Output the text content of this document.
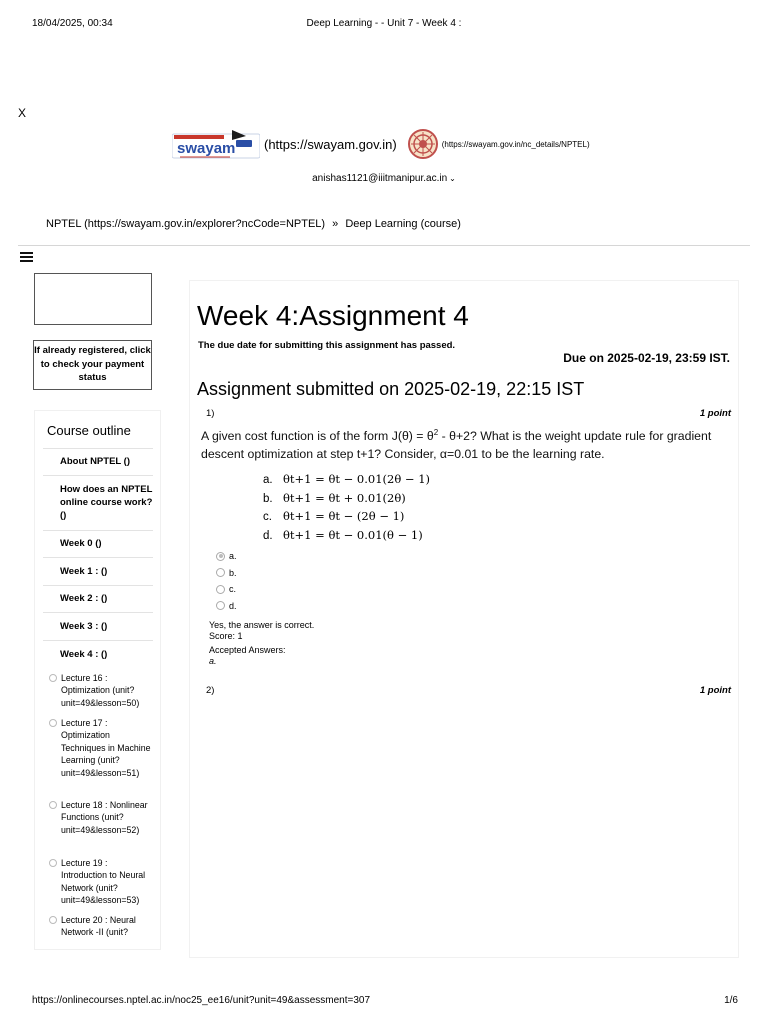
18/04/2025, 00:34	Deep Learning - - Unit 7 - Week 4 :
X
swayam (https://swayam.gov.in)	(https://swayam.gov.in/nc_details/NPTEL)
anishas1121@iiitmanipur.ac.in ⌄
NPTEL (https://swayam.gov.in/explorer?ncCode=NPTEL) » Deep Learning (course)
If already registered, click to check your payment status
Course outline
About NPTEL ()
How does an NPTEL online course work? ()
Week 0 ()
Week 1 : ()
Week 2 : ()
Week 3 : ()
Week 4 : ()
Lecture 16 : Optimization (unit?unit=49&lesson=50)
Lecture 17 : Optimization Techniques in Machine Learning (unit?unit=49&lesson=51)
Lecture 18 : Nonlinear Functions (unit?unit=49&lesson=52)
Lecture 19 : Introduction to Neural Network (unit?unit=49&lesson=53)
Lecture 20 : Neural Network -II (unit?
Week 4:Assignment 4
The due date for submitting this assignment has passed.
Due on 2025-02-19, 23:59 IST.
Assignment submitted on 2025-02-19, 22:15 IST
1)	1 point
A given cost function is of the form $J(\theta) = \theta^2 - \theta+2$? What is the weight update rule for gradient descent optimization at step t+1? Consider, α=0.01 to be the learning rate.
a. θt+1 = θt − 0.01(2θ − 1)
b. θt+1 = θt + 0.01(2θ)
c. θt+1 = θt − (2θ − 1)
d. θt+1 = θt − 0.01(θ − 1)
a.
b.
c.
d.
Yes, the answer is correct.
Score: 1
Accepted Answers:
a.
2)	1 point
https://onlinecourses.nptel.ac.in/noc25_ee16/unit?unit=49&assessment=307	1/6
